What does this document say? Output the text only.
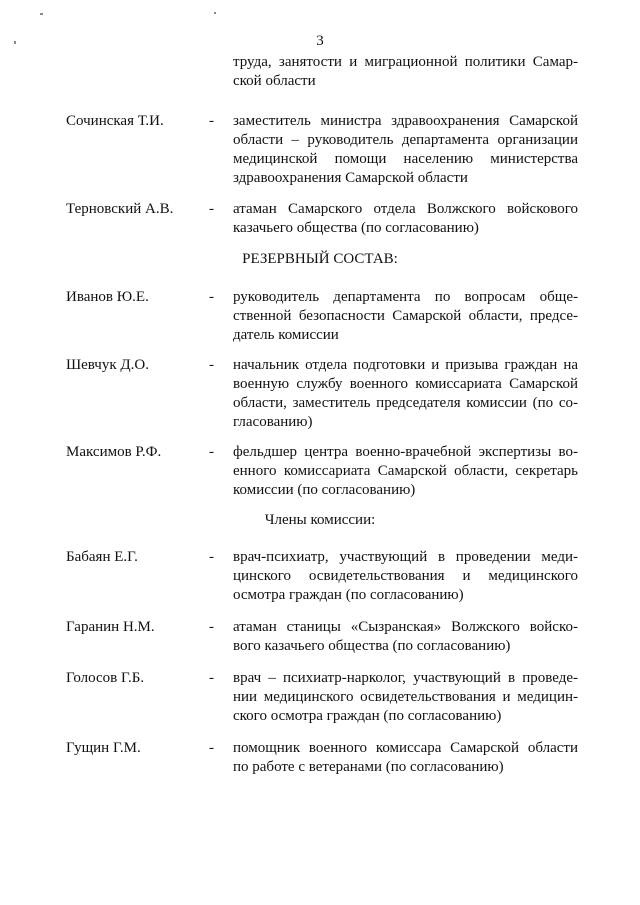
3
труда, занятости и миграционной политики Самар-
ской области
Сочинская Т.И.	- заместитель министра здравоохранения Самарской
области – руководитель департамента организации
медицинской помощи населению министерства
здравоохранения Самарской области
Терновский А.В. - атаман Самарского отдела Волжского войскового
казачьего общества (по согласованию)
РЕЗЕРВНЫЙ СОСТАВ:
Иванов Ю.Е.	- руководитель департамента по вопросам обще-
ственной безопасности Самарской области, предсе-
датель комиссии
Шевчук Д.О.	- начальник отдела подготовки и призыва граждан на
военную службу военного комиссариата Самарской
области, заместитель председателя комиссии (по со-
гласованию)
Максимов Р.Ф.	- фельдшер центра военно-врачебной экспертизы во-
енного комиссариата Самарской области, секретарь
комиссии (по согласованию)
Члены комиссии:
Бабаян Е.Г.	- врач-психиатр, участвующий в проведении меди-
цинского освидетельствования и медицинского
осмотра граждан (по согласованию)
Гаранин Н.М.	- атаман станицы «Сызранская» Волжского войско-
вого казачьего общества (по согласованию)
Голосов Г.Б.	- врач – психиатр-нарколог, участвующий в проведе-
нии медицинского освидетельствования и медицин-
ского осмотра граждан (по согласованию)
Гущин Г.М.	- помощник военного комиссара Самарской области
по работе с ветеранами (по согласованию)
